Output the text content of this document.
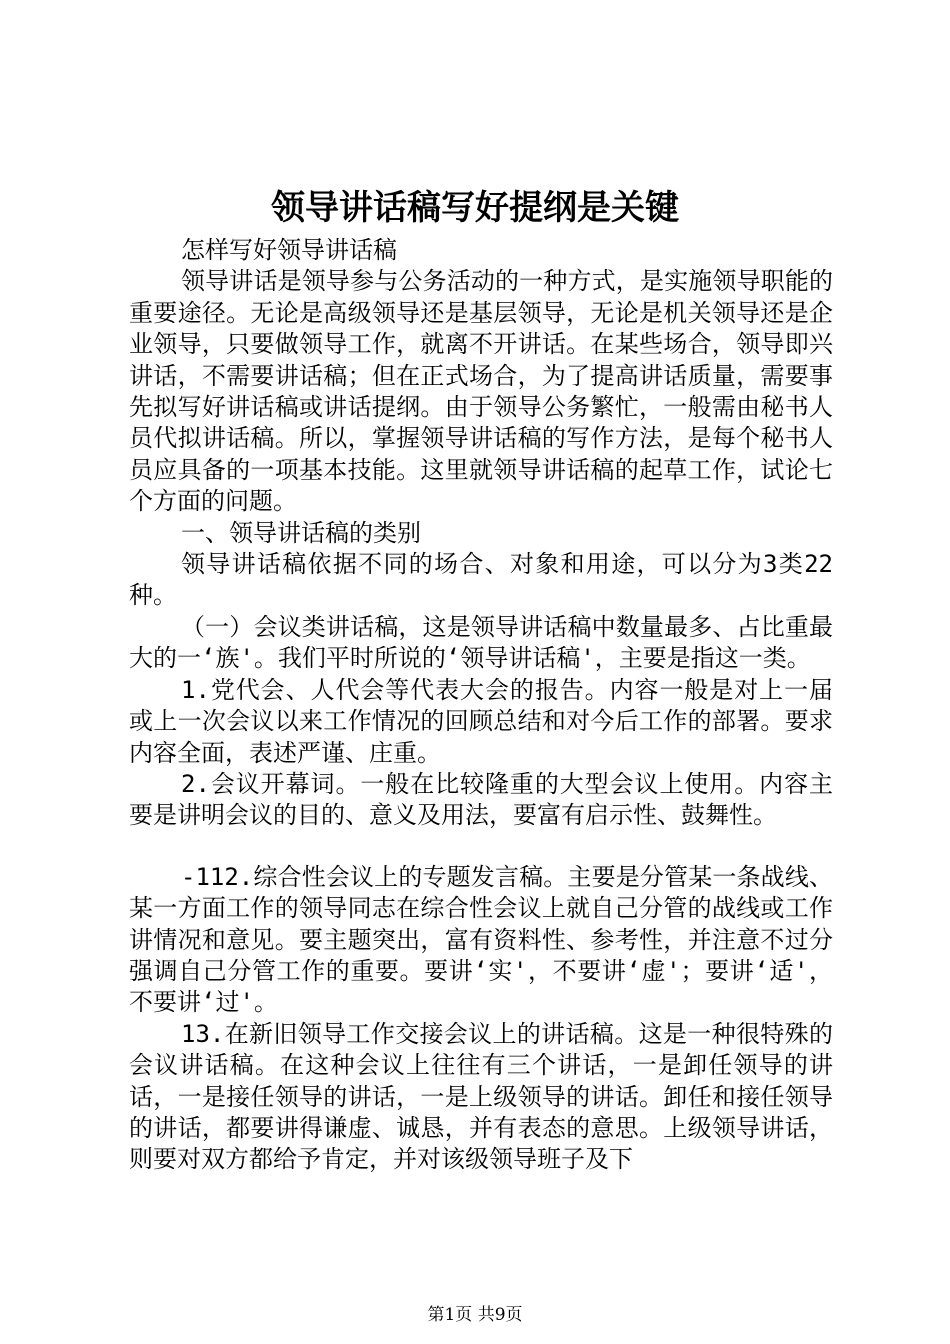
领导讲话稿写好提纲是关键

怎样写好领导讲话稿

领导讲话是领导参与公务活动的一种方式，是实施领导职能的重要途径。无论是高级领导还是基层领导，无论是机关领导还是企业领导，只要做领导工作，就离不开讲话。在某些场合，领导即兴讲话，不需要讲话稿；但在正式场合，为了提高讲话质量，需要事先拟写好讲话稿或讲话提纲。由于领导公务繁忙，一般需由秘书人员代拟讲话稿。所以，掌握领导讲话稿的写作方法，是每个秘书人员应具备的一项基本技能。这里就领导讲话稿的起草工作，试论七个方面的问题。

一、领导讲话稿的类别

领导讲话稿依据不同的场合、对象和用途，可以分为3类22种。

（一）会议类讲话稿，这是领导讲话稿中数量最多、占比重最大的一‘族'。我们平时所说的‘领导讲话稿'，主要是指这一类。

1.党代会、人代会等代表大会的报告。内容一般是对上一届或上一次会议以来工作情况的回顾总结和对今后工作的部署。要求内容全面，表述严谨、庄重。

2.会议开幕词。一般在比较隆重的大型会议上使用。内容主要是讲明会议的目的、意义及用法，要富有启示性、鼓舞性。

-112.综合性会议上的专题发言稿。主要是分管某一条战线、某一方面工作的领导同志在综合性会议上就自己分管的战线或工作讲情况和意见。要主题突出，富有资料性、参考性，并注意不过分强调自己分管工作的重要。要讲‘实'，不要讲‘虚'；要讲‘适'，不要讲‘过'。

13.在新旧领导工作交接会议上的讲话稿。这是一种很特殊的会议讲话稿。在这种会议上往往有三个讲话，一是卸任领导的讲话，一是接任领导的讲话，一是上级领导的讲话。卸任和接任领导的讲话，都要讲得谦虚、诚恳，并有表态的意思。上级领导讲话，则要对双方都给予肯定，并对该级领导班子及下

第1页 共9页
